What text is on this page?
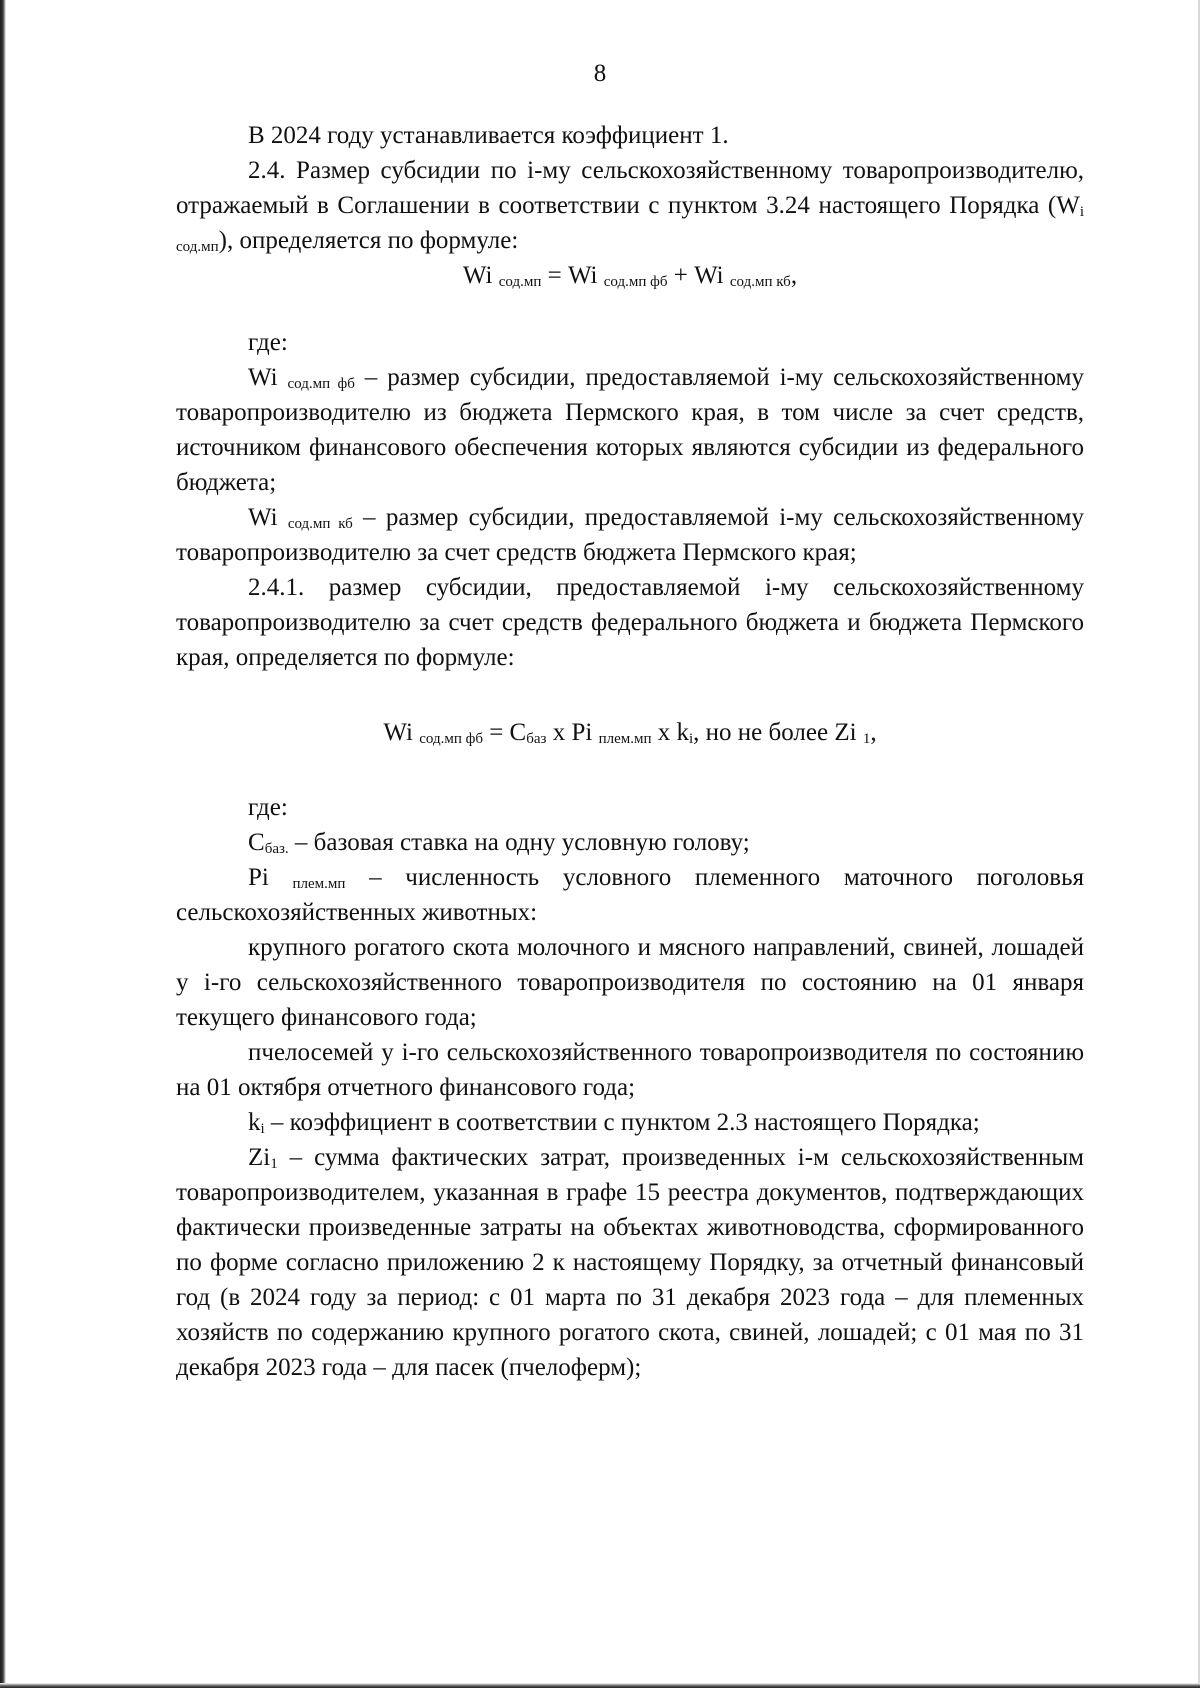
8

В 2024 году устанавливается коэффициент 1.

2.4. Размер субсидии по i-му сельскохозяйственному товаропроизводителю, отражаемый в Соглашении в соответствии с пунктом 3.24 настоящего Порядка $(W_{i сод.мп})$, определяется по формуле:

Wi $_{сод.мп}$ = Wi $_{сод.мп фб}$ + Wi $_{сод.мп кб}$,

где:

Wi $_{сод.мп фб}$ – размер субсидии, предоставляемой i-му сельскохозяйственному товаропроизводителю из бюджета Пермского края, в том числе за счет средств, источником финансового обеспечения которых являются субсидии из федерального бюджета;

Wi $_{сод.мп кб}$ – размер субсидии, предоставляемой i-му сельскохозяйственному товаропроизводителю за счет средств бюджета Пермского края;

2.4.1. размер субсидии, предоставляемой i-му сельскохозяйственному товаропроизводителю за счет средств федерального бюджета и бюджета Пермского края, определяется по формуле:

Wi $_{сод.мп фб} = С_{баз}$ х Pi $_{плем.мп}$ х $k_i$, но не более Zi $_1$,

где:

$С_{баз.}$ – базовая ставка на одну условную голову;

Pi $_{плем.мп}$ – численность условного племенного маточного поголовья сельскохозяйственных животных:

крупного рогатого скота молочного и мясного направлений, свиней, лошадей у i-го сельскохозяйственного товаропроизводителя по состоянию на 01 января текущего финансового года;

пчелосемей у i-го сельскохозяйственного товаропроизводителя по состоянию на 01 октября отчетного финансового года;

$k_i$ – коэффициент в соответствии с пунктом 2.3 настоящего Порядка;

$Zi_1$ – сумма фактических затрат, произведенных i-м сельскохозяйственным товаропроизводителем, указанная в графе 15 реестра документов, подтверждающих фактически произведенные затраты на объектах животноводства, сформированного по форме согласно приложению 2 к настоящему Порядку, за отчетный финансовый год (в 2024 году за период: с 01 марта по 31 декабря 2023 года – для племенных хозяйств по содержанию крупного рогатого скота, свиней, лошадей; с 01 мая по 31 декабря 2023 года – для пасек (пчелоферм);
